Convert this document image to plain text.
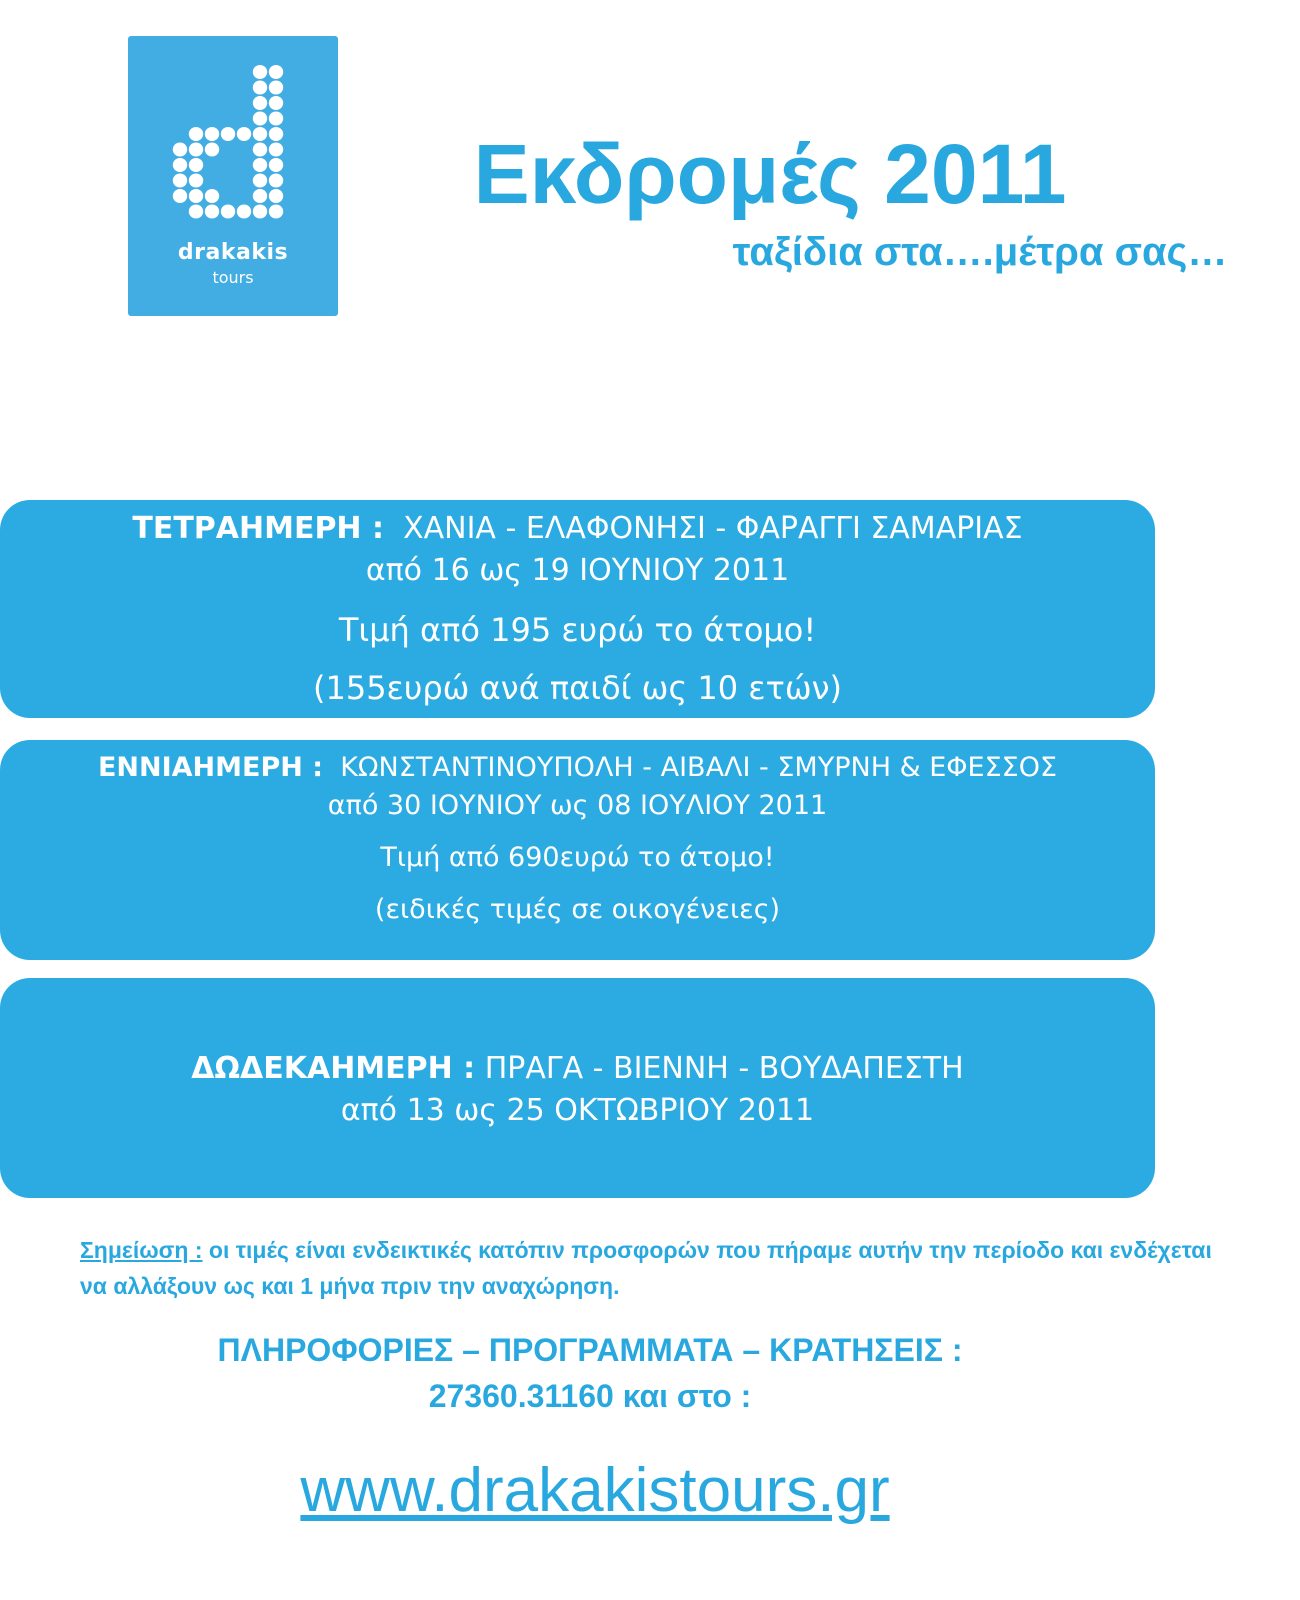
drakakis
tours
Εκδρομές 2011
ταξίδια στα….μέτρα σας…
ΤΕΤΡΑΗΜΕΡΗ : ΧΑΝΙΑ - ΕΛΑΦΟΝΗΣΙ - ΦΑΡΑΓΓΙ ΣΑΜΑΡΙΑΣ
από 16 ως 19 ΙΟΥΝΙΟΥ 2011
Τιμή από 195 ευρώ το άτομο!
(155ευρώ ανά παιδί ως 10 ετών)
ΕΝΝΙΑΗΜΕΡΗ : ΚΩΝΣΤΑΝΤΙΝΟΥΠΟΛΗ - ΑΙΒΑΛΙ - ΣΜΥΡΝΗ & ΕΦΕΣΣΟΣ
από 30 ΙΟΥΝΙΟΥ ως 08 ΙΟΥΛΙΟΥ 2011
Τιμή από 690ευρώ το άτομο!
(ειδικές τιμές σε οικογένειες)
ΔΩΔΕΚΑΗΜΕΡΗ : ΠΡΑΓΑ - ΒΙΕΝΝΗ - ΒΟΥΔΑΠΕΣΤΗ
από 13 ως 25 ΟΚΤΩΒΡΙΟΥ 2011
Σημείωση : οι τιμές είναι ενδεικτικές κατόπιν προσφορών που πήραμε αυτήν την περίοδο και ενδέχεται να αλλάξουν ως και 1 μήνα πριν την αναχώρηση.
ΠΛΗΡΟΦΟΡΙΕΣ – ΠΡΟΓΡΑΜΜΑΤΑ – ΚΡΑΤΗΣΕΙΣ :
27360.31160 και στο :
www.drakakistours.gr
